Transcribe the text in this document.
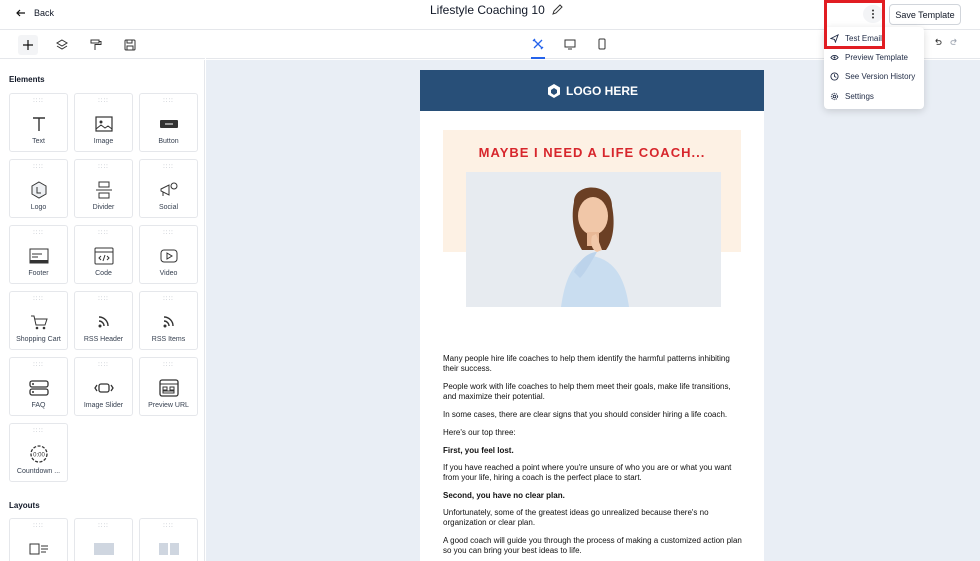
Back	Lifestyle Coaching 10	Save Template
Elements
::::
Text
::::
Image
::::
Button
::::
Logo
::::
Divider
::::
Social
::::
Footer
::::
Code
::::
Video
::::
Shopping Cart
::::
RSS Header
::::
RSS Items
::::
FAQ
::::
Image Slider
::::
Preview URL
::::
0:00
Countdown ...
Layouts
::::	::::	::::
LOGO HERE
MAYBE I NEED A LIFE COACH...
Many people hire life coaches to help them identify the harmful patterns inhibiting their success.
People work with life coaches to help them meet their goals, make life transitions, and maximize their potential.
In some cases, there are clear signs that you should consider hiring a life coach.
Here's our top three:
First, you feel lost.
If you have reached a point where you're unsure of who you are or what you want from your life, hiring a coach is the perfect place to start.
Second, you have no clear plan.
Unfortunately, some of the greatest ideas go unrealized because there's no organization or clear plan.
A good coach will guide you through the process of making a customized action plan so you can bring your best ideas to life.
Test Email
Preview Template
See Version History
Settings
